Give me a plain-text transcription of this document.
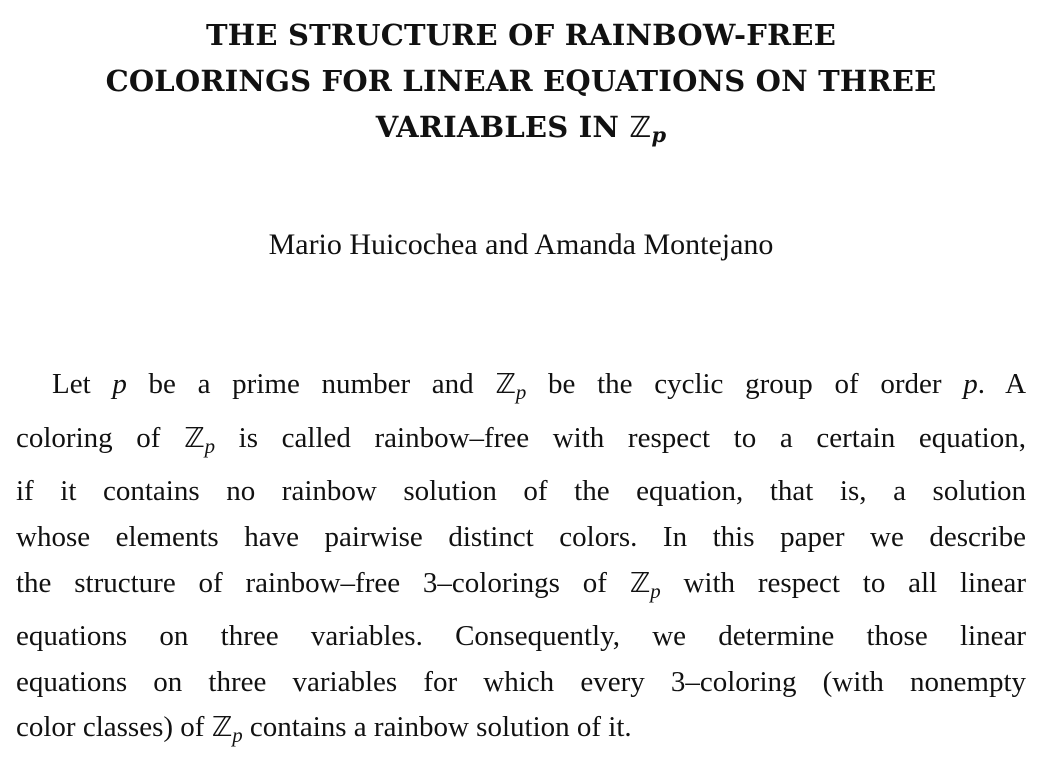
THE STRUCTURE OF RAINBOW-FREE
COLORINGS FOR LINEAR EQUATIONS ON THREE
VARIABLES IN ℤ$_p$
Mario Huicochea and Amanda Montejano
Let p be a prime number and ℤ$_p$ be the cyclic group of order p. A
coloring of ℤ$_p$ is called rainbow–free with respect to a certain equation,
if it contains no rainbow solution of the equation, that is, a solution
whose elements have pairwise distinct colors. In this paper we describe
the structure of rainbow–free 3–colorings of ℤ$_p$ with respect to all linear
equations on three variables. Consequently, we determine those linear
equations on three variables for which every 3–coloring (with nonempty
color classes) of ℤ$_p$ contains a rainbow solution of it.
